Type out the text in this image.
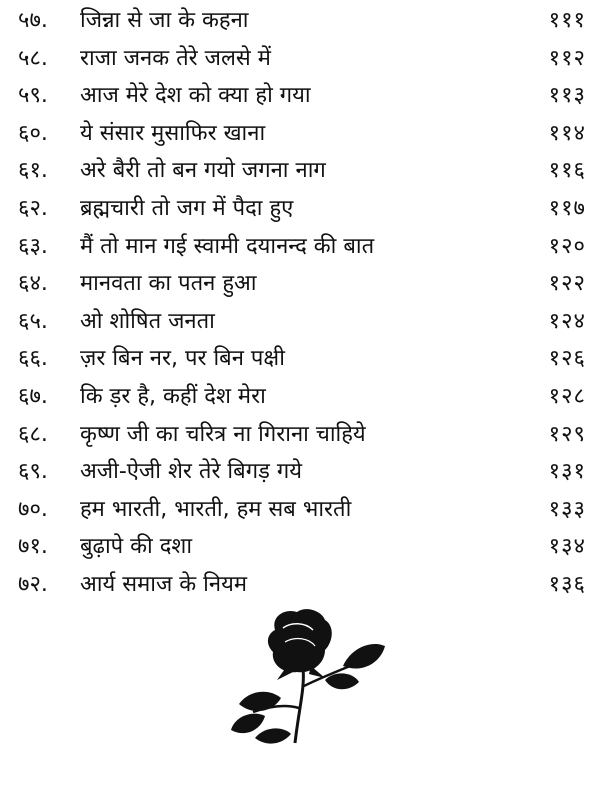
५७. जिन्ना से जा के कहना	१११
५८. राजा जनक तेरे जलसे में	११२
५९. आज मेरे देश को क्या हो गया	११३
६०. ये संसार मुसाफिर खाना	११४
६१. अरे बैरी तो बन गयो जगना नाग	११६
६२. ब्रह्मचारी तो जग में पैदा हुए	११७
६३. मैं तो मान गई स्वामी दयानन्द की बात	१२०
६४. मानवता का पतन हुआ	१२२
६५. ओ शोषित जनता	१२४
६६. ज़र बिन नर, पर बिन पक्षी	१२६
६७. कि ड़र है, कहीं देश मेरा	१२८
६८. कृष्ण जी का चरित्र ना गिराना चाहिये	१२९
६९. अजी-ऐजी शेर तेरे बिगड़ गये	१३१
७०. हम भारती, भारती, हम सब भारती	१३३
७१. बुढ़ापे की दशा	१३४
७२. आर्य समाज के नियम	१३६
